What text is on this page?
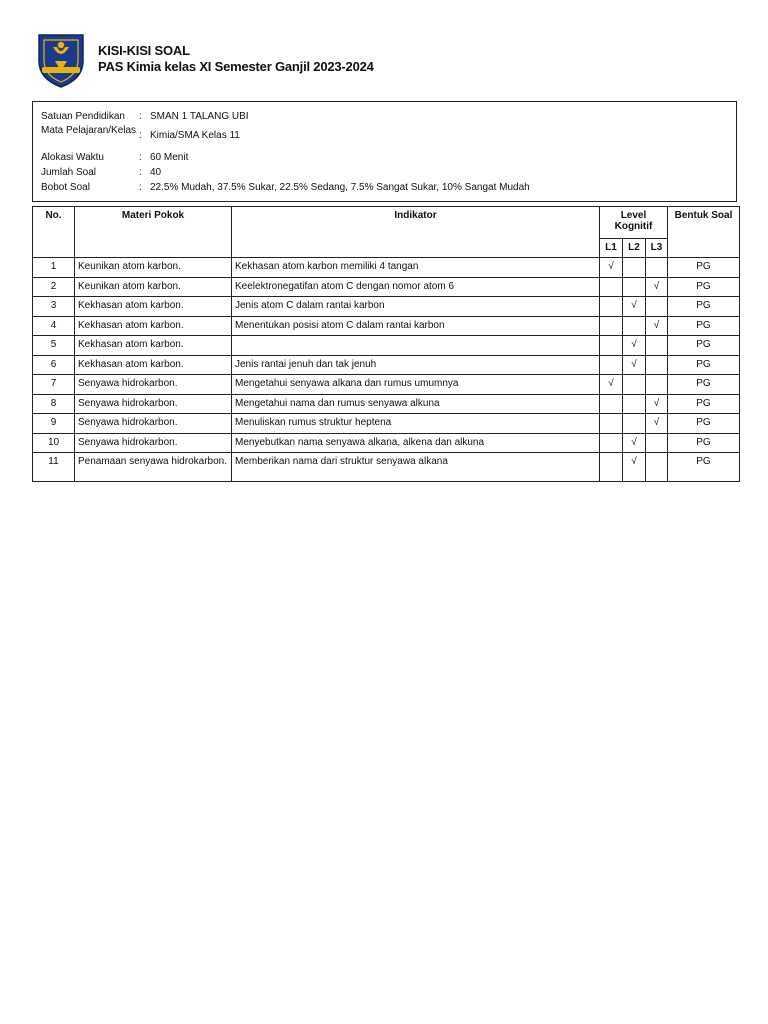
KISI-KISI SOAL
PAS Kimia kelas XI Semester Ganjil 2023-2024
Satuan Pendidikan	: SMAN 1 TALANG UBI
Mata Pelajaran/Kelas : Kimia/SMA Kelas 11
Alokasi Waktu	: 60 Menit
Jumlah Soal	: 40
Bobot Soal	: 22.5% Mudah, 37.5% Sukar, 22.5% Sedang, 7.5% Sangat Sukar, 10% Sangat Mudah
No.	Materi Pokok	Indikator	Level Kognitif			Bentuk Soal
			L1	L2	L3	
1	Keunikan atom karbon.	Kekhasan atom karbon memiliki 4 tangan	√			PG
2	Keunikan atom karbon.	Keelektronegatifan atom C dengan nomor atom 6			√	PG
3	Kekhasan atom karbon.	Jenis atom C dalam rantai karbon		√		PG
4	Kekhasan atom karbon.	Menentukan posisi atom C dalam rantai karbon			√	PG
5	Kekhasan atom karbon.			√		PG
6	Kekhasan atom karbon.	Jenis rantai jenuh dan tak jenuh		√		PG
7	Senyawa hidrokarbon.	Mengetahui senyawa alkana dan rumus umumnya	√			PG
8	Senyawa hidrokarbon.	Mengetahui nama dan rumus senyawa alkuna			√	PG
9	Senyawa hidrokarbon.	Menuliskan rumus struktur heptena			√	PG
10	Senyawa hidrokarbon.	Menyebutkan nama senyawa alkana, alkena dan alkuna		√		PG
11	Penamaan senyawa hidrokarbon.	Memberikan nama dari struktur senyawa alkana		√		PG
